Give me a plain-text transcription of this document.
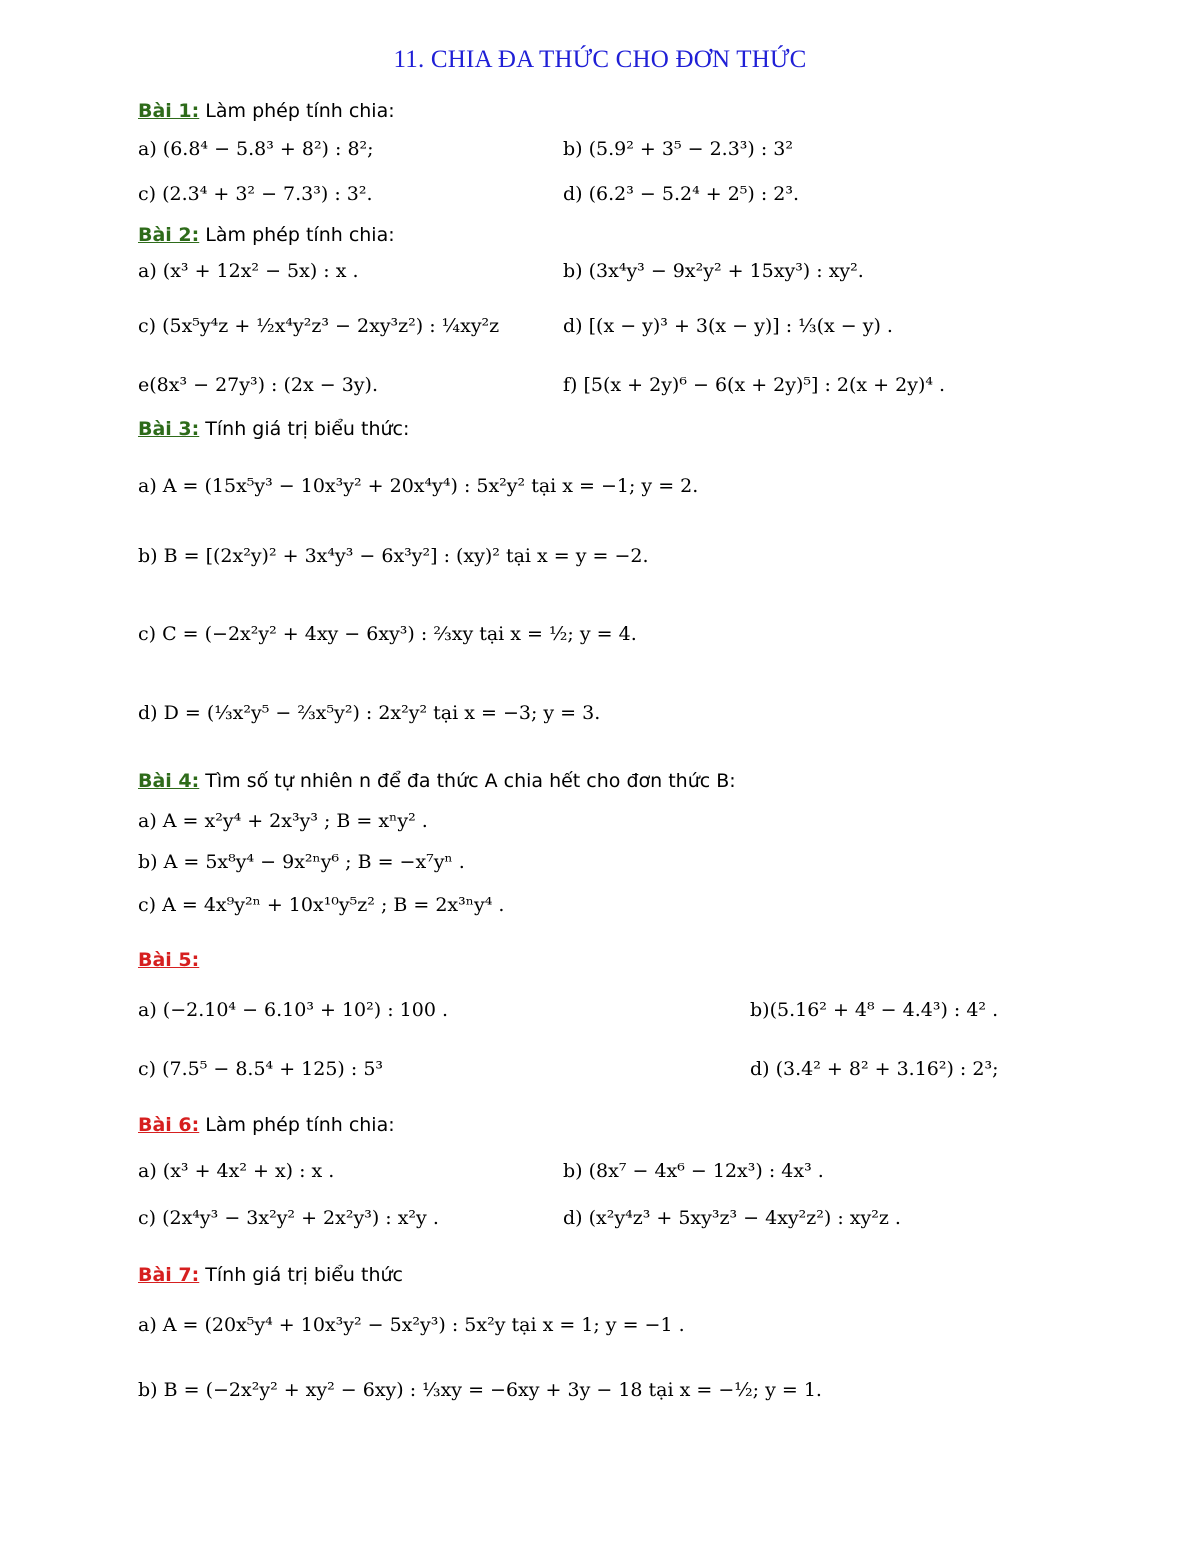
11. CHIA ĐA THỨC CHO ĐƠN THỨC
Bài 1: Làm phép tính chia:
a) (6.8⁴ − 5.8³ + 8²) : 8²;	b) (5.9² + 3⁵ − 2.3³) : 3²
c) (2.3⁴ + 3² − 7.3³) : 3².	d) (6.2³ − 5.2⁴ + 2⁵) : 2³.
Bài 2: Làm phép tính chia:
a) (x³ + 12x² − 5x) : x .	b) (3x⁴y³ − 9x²y² + 15xy³) : xy².
c) (5x⁵y⁴z + ½x⁴y²z³ − 2xy³z²) : ¼xy²z	d) [(x − y)³ + 3(x − y)] : ⅓(x − y) .
e(8x³ − 27y³) : (2x − 3y).	f) [5(x + 2y)⁶ − 6(x + 2y)⁵] : 2(x + 2y)⁴ .
Bài 3: Tính giá trị biểu thức:
a) A = (15x⁵y³ − 10x³y² + 20x⁴y⁴) : 5x²y² tại x = −1; y = 2.
b) B = [(2x²y)² + 3x⁴y³ − 6x³y²] : (xy)² tại x = y = −2.
c) C = (−2x²y² + 4xy − 6xy³) : ⅔xy tại x = ½; y = 4.
d) D = (⅓x²y⁵ − ⅔x⁵y²) : 2x²y² tại x = −3; y = 3.
Bài 4: Tìm số tự nhiên n để đa thức A chia hết cho đơn thức B:
a) A = x²y⁴ + 2x³y³ ; B = xⁿy² .
b) A = 5x⁸y⁴ − 9x²ⁿy⁶ ; B = −x⁷yⁿ .
c) A = 4x⁹y²ⁿ + 10x¹⁰y⁵z² ; B = 2x³ⁿy⁴ .
Bài 5:
a) (−2.10⁴ − 6.10³ + 10²) : 100 .	b)(5.16² + 4⁸ − 4.4³) : 4² .
c) (7.5⁵ − 8.5⁴ + 125) : 5³	d) (3.4² + 8² + 3.16²) : 2³;
Bài 6: Làm phép tính chia:
a) (x³ + 4x² + x) : x .	b) (8x⁷ − 4x⁶ − 12x³) : 4x³ .
c) (2x⁴y³ − 3x²y² + 2x²y³) : x²y .	d) (x²y⁴z³ + 5xy³z³ − 4xy²z²) : xy²z .
Bài 7: Tính giá trị biểu thức
a) A = (20x⁵y⁴ + 10x³y² − 5x²y³) : 5x²y tại x = 1; y = −1 .
b) B = (−2x²y² + xy² − 6xy) : ⅓xy = −6xy + 3y − 18 tại x = −½; y = 1.
